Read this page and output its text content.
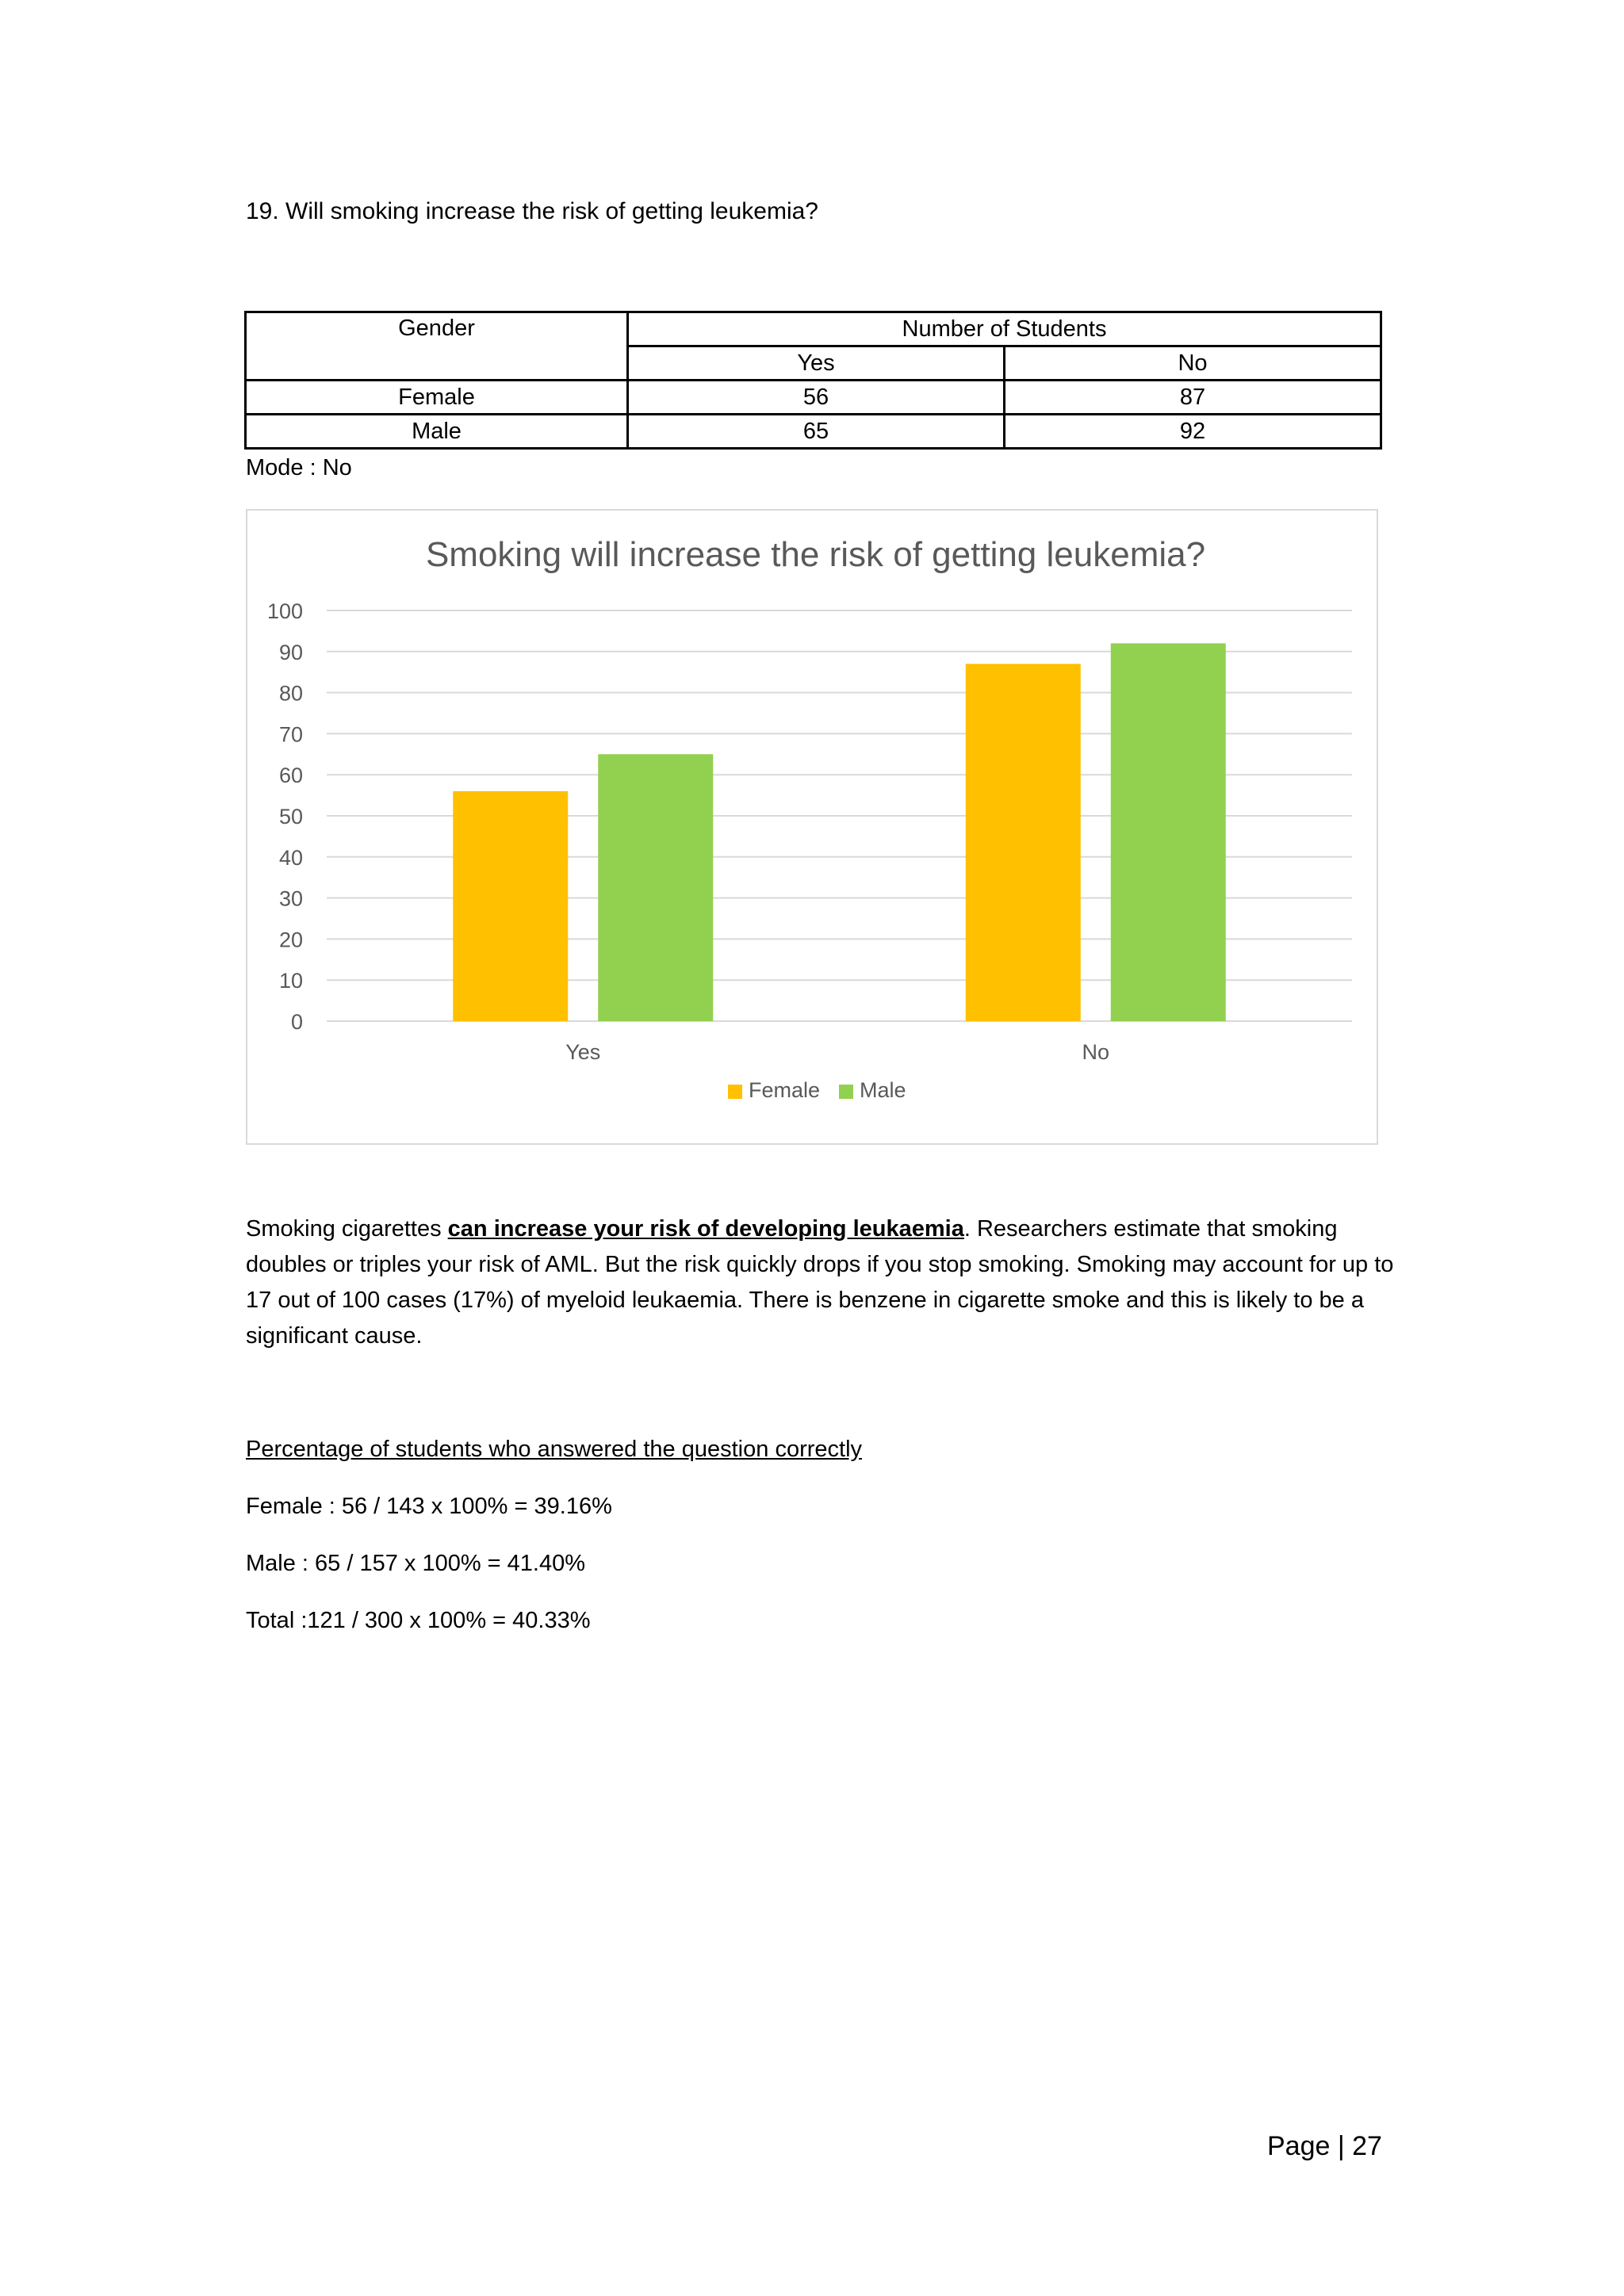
19. Will smoking increase the risk of getting leukemia?
Gender	Number of Students	
	Yes	No
Female	56	87
Male	65	92
Mode : No
Smoking will increase the risk of getting leukemia?
0
10
20
30
40
50
60
70
80
90
100
Yes	No
Female Male
Smoking cigarettes can increase your risk of developing leukaemia. Researchers estimate that smoking doubles or triples your risk of AML. But the risk quickly drops if you stop smoking. Smoking may account for up to 17 out of 100 cases (17%) of myeloid leukaemia. There is benzene in cigarette smoke and this is likely to be a significant cause.
Percentage of students who answered the question correctly
Female : 56 / 143 x 100% = 39.16%
Male : 65 / 157 x 100% = 41.40%
Total :121 / 300 x 100% = 40.33%
Page | 27
